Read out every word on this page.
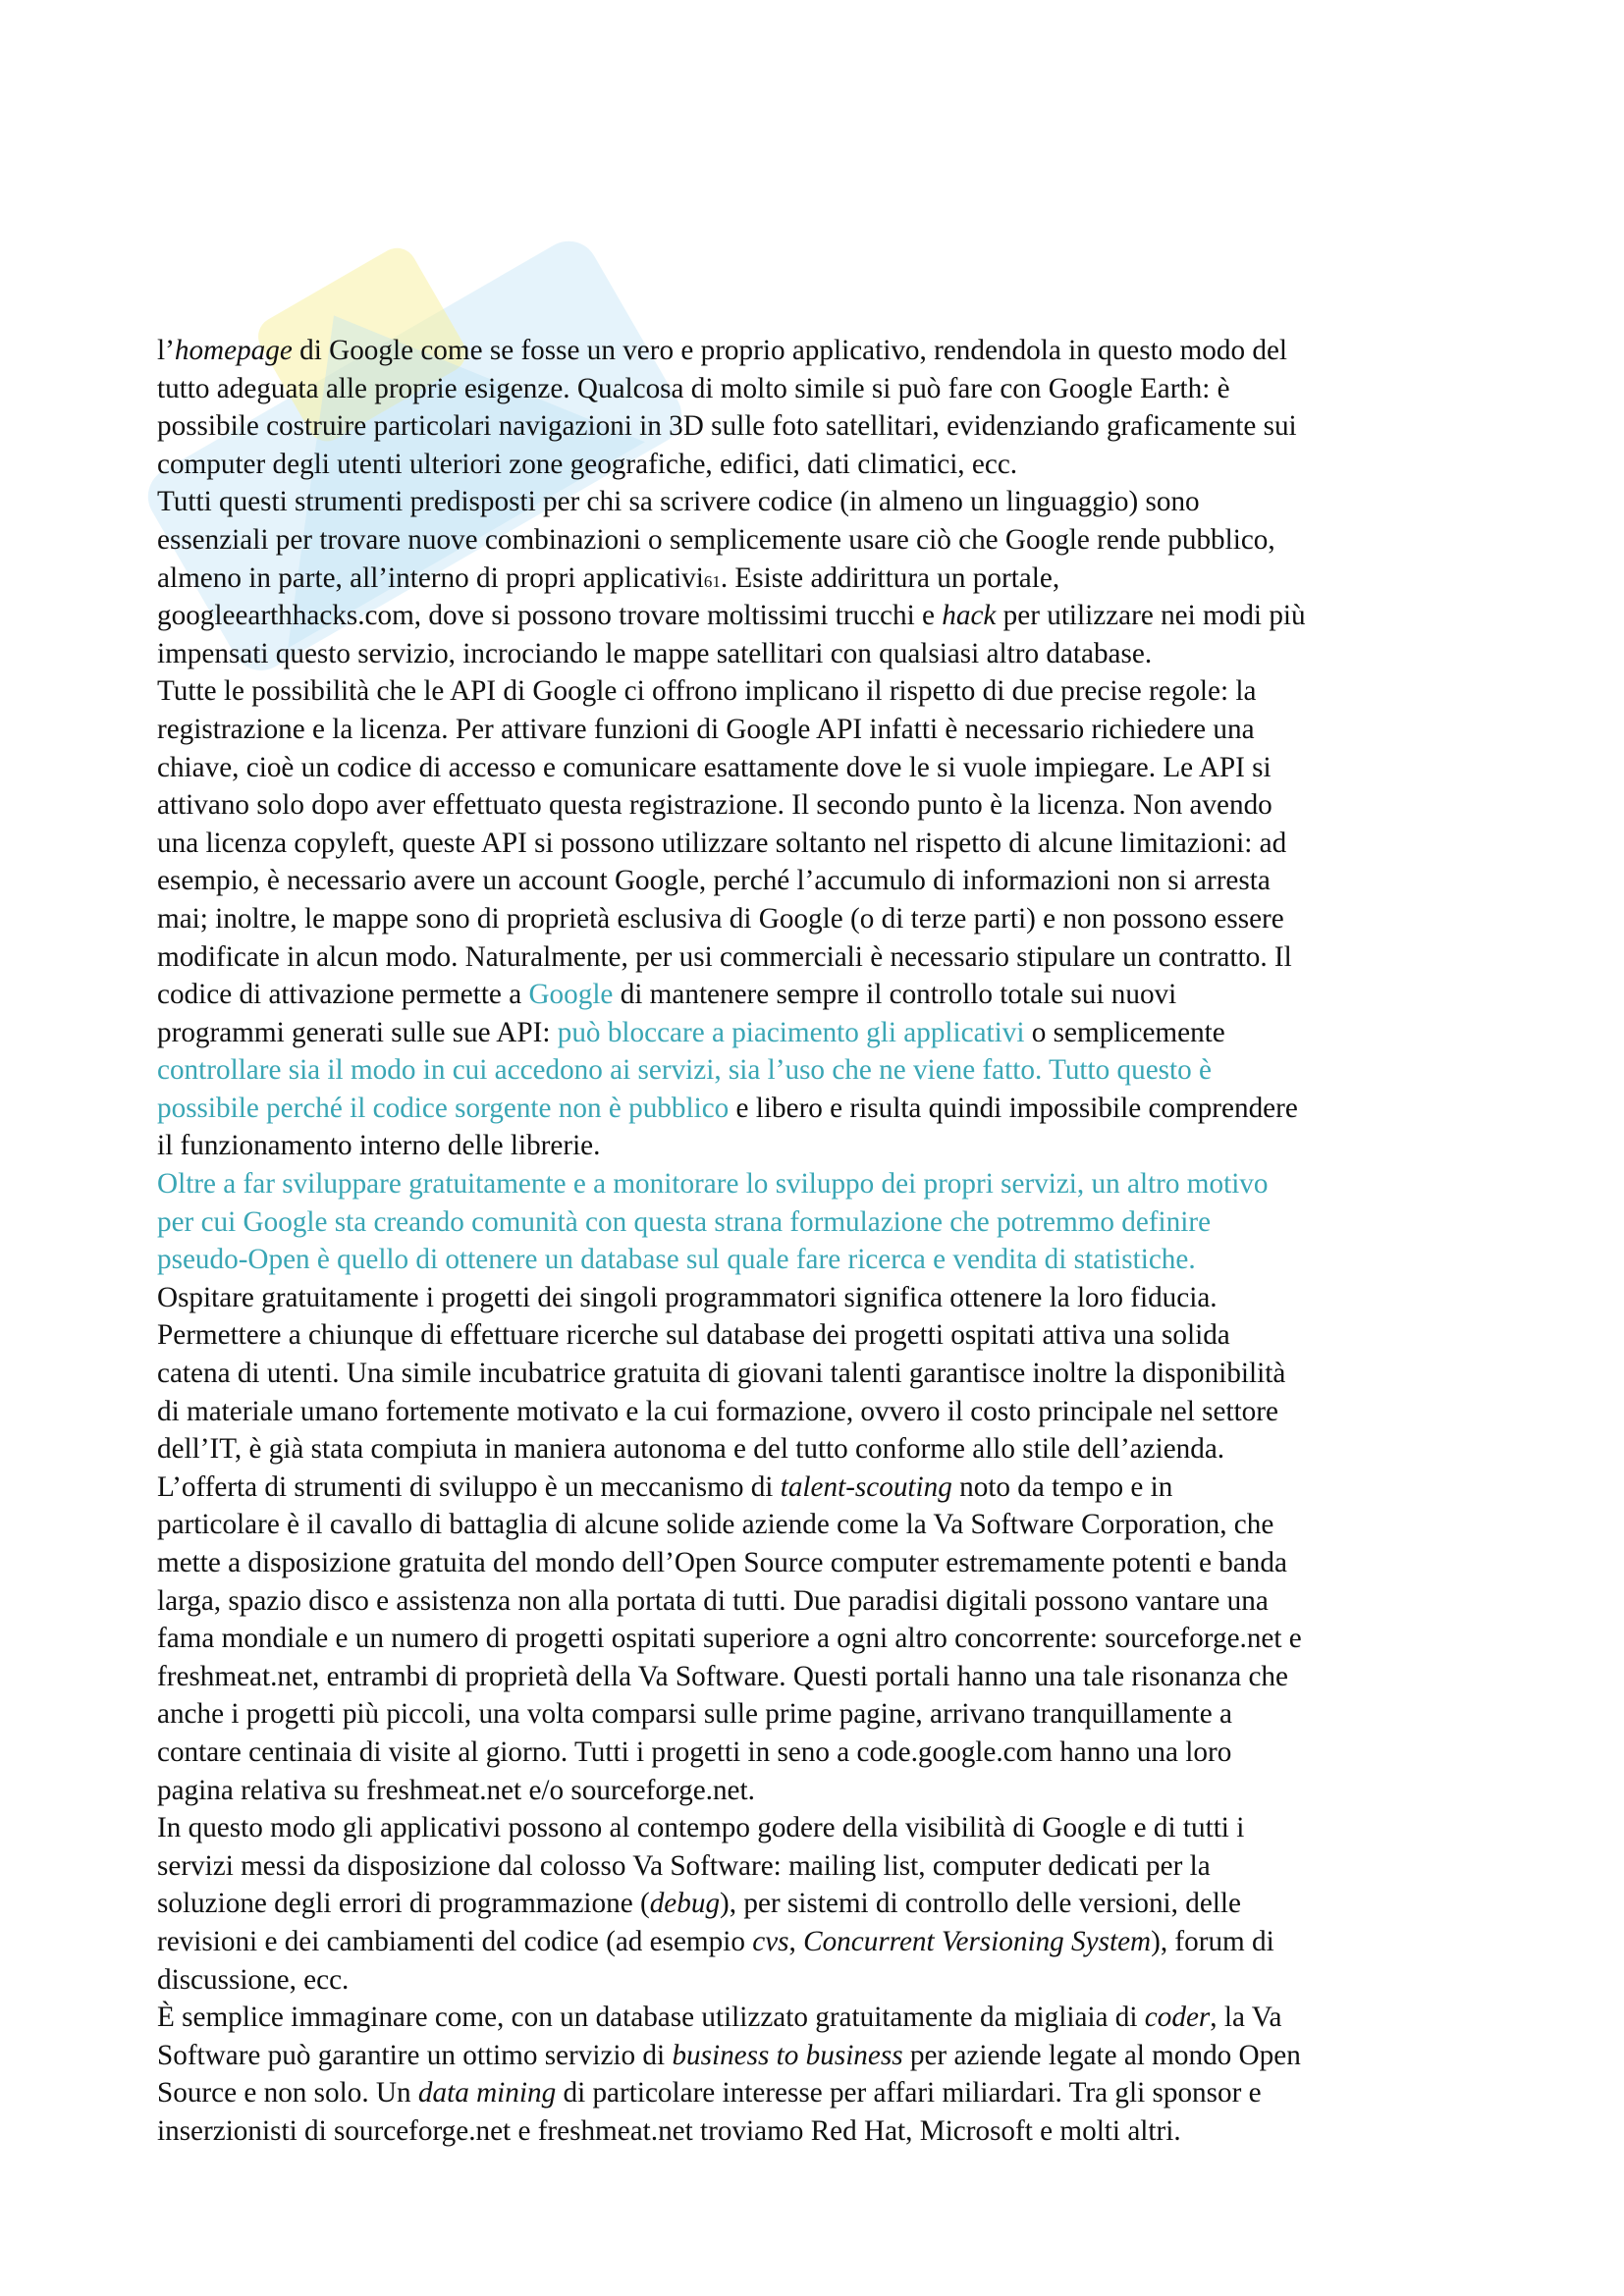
l’homepage di Google come se fosse un vero e proprio applicativo, rendendola in questo modo del
tutto adeguata alle proprie esigenze. Qualcosa di molto simile si può fare con Google Earth: è
possibile costruire particolari navigazioni in 3D sulle foto satellitari, evidenziando graficamente sui
computer degli utenti ulteriori zone geografiche, edifici, dati climatici, ecc.
Tutti questi strumenti predisposti per chi sa scrivere codice (in almeno un linguaggio) sono
essenziali per trovare nuove combinazioni o semplicemente usare ciò che Google rende pubblico,
almeno in parte, all’interno di propri applicativi61. Esiste addirittura un portale,
googleearthhacks.com, dove si possono trovare moltissimi trucchi e hack per utilizzare nei modi più
impensati questo servizio, incrociando le mappe satellitari con qualsiasi altro database.
Tutte le possibilità che le API di Google ci offrono implicano il rispetto di due precise regole: la
registrazione e la licenza. Per attivare funzioni di Google API infatti è necessario richiedere una
chiave, cioè un codice di accesso e comunicare esattamente dove le si vuole impiegare. Le API si
attivano solo dopo aver effettuato questa registrazione. Il secondo punto è la licenza. Non avendo
una licenza copyleft, queste API si possono utilizzare soltanto nel rispetto di alcune limitazioni: ad
esempio, è necessario avere un account Google, perché l’accumulo di informazioni non si arresta
mai; inoltre, le mappe sono di proprietà esclusiva di Google (o di terze parti) e non possono essere
modificate in alcun modo. Naturalmente, per usi commerciali è necessario stipulare un contratto. Il
codice di attivazione permette a Google di mantenere sempre il controllo totale sui nuovi
programmi generati sulle sue API: può bloccare a piacimento gli applicativi o semplicemente
controllare sia il modo in cui accedono ai servizi, sia l’uso che ne viene fatto. Tutto questo è
possibile perché il codice sorgente non è pubblico e libero e risulta quindi impossibile comprendere
il funzionamento interno delle librerie.
Oltre a far sviluppare gratuitamente e a monitorare lo sviluppo dei propri servizi, un altro motivo
per cui Google sta creando comunità con questa strana formulazione che potremmo definire
pseudo-Open è quello di ottenere un database sul quale fare ricerca e vendita di statistiche.
Ospitare gratuitamente i progetti dei singoli programmatori significa ottenere la loro fiducia.
Permettere a chiunque di effettuare ricerche sul database dei progetti ospitati attiva una solida
catena di utenti. Una simile incubatrice gratuita di giovani talenti garantisce inoltre la disponibilità
di materiale umano fortemente motivato e la cui formazione, ovvero il costo principale nel settore
dell’IT, è già stata compiuta in maniera autonoma e del tutto conforme allo stile dell’azienda.
L’offerta di strumenti di sviluppo è un meccanismo di talent-scouting noto da tempo e in
particolare è il cavallo di battaglia di alcune solide aziende come la Va Software Corporation, che
mette a disposizione gratuita del mondo dell’Open Source computer estremamente potenti e banda
larga, spazio disco e assistenza non alla portata di tutti. Due paradisi digitali possono vantare una
fama mondiale e un numero di progetti ospitati superiore a ogni altro concorrente: sourceforge.net e
freshmeat.net, entrambi di proprietà della Va Software. Questi portali hanno una tale risonanza che
anche i progetti più piccoli, una volta comparsi sulle prime pagine, arrivano tranquillamente a
contare centinaia di visite al giorno. Tutti i progetti in seno a code.google.com hanno una loro
pagina relativa su freshmeat.net e/o sourceforge.net.
In questo modo gli applicativi possono al contempo godere della visibilità di Google e di tutti i
servizi messi da disposizione dal colosso Va Software: mailing list, computer dedicati per la
soluzione degli errori di programmazione (debug), per sistemi di controllo delle versioni, delle
revisioni e dei cambiamenti del codice (ad esempio cvs, Concurrent Versioning System), forum di
discussione, ecc.
È semplice immaginare come, con un database utilizzato gratuitamente da migliaia di coder, la Va
Software può garantire un ottimo servizio di business to business per aziende legate al mondo Open
Source e non solo. Un data mining di particolare interesse per affari miliardari. Tra gli sponsor e
inserzionisti di sourceforge.net e freshmeat.net troviamo Red Hat, Microsoft e molti altri.
